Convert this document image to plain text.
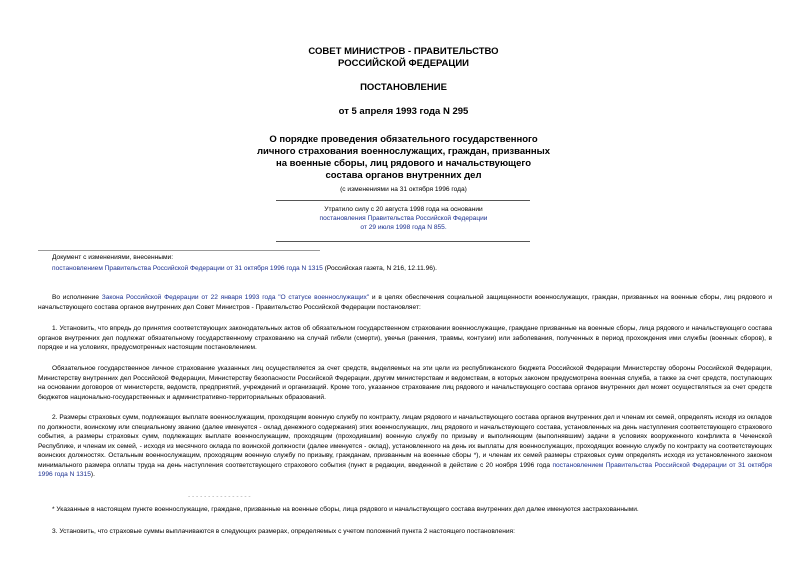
СОВЕТ МИНИСТРОВ - ПРАВИТЕЛЬСТВО
РОССИЙСКОЙ ФЕДЕРАЦИИ
ПОСТАНОВЛЕНИЕ
от 5 апреля 1993 года N 295
О порядке проведения обязательного государственного
личного страхования военнослужащих, граждан, призванных
на военные сборы, лиц рядового и начальствующего
состава органов внутренних дел
(с изменениями на 31 октября 1996 года)
Утратило силу с 20 августа 1998 года на основании
постановления Правительства Российской Федерации
от 29 июля 1998 года N 855.
Документ с изменениями, внесенными:
постановлением Правительства Российской Федерации от 31 октября 1996 года N 1315 (Российская газета, N 216, 12.11.96).
Во исполнение Закона Российской Федерации от 22 января 1993 года "О статусе военнослужащих" и в целях обеспечения социальной защищенности военнослужащих, граждан, призванных на военные сборы, лиц рядового и начальствующего состава органов внутренних дел Совет Министров - Правительство Российской Федерации постановляет:
1. Установить, что впредь до принятия соответствующих законодательных актов об обязательном государственном страховании военнослужащие, граждане призванные на военные сборы, лица рядового и начальствующего состава органов внутренних дел подлежат обязательному государственному страхованию на случай гибели (смерти), увечья (ранения, травмы, контузии) или заболевания, полученных в период прохождения ими службы (военных сборов), в порядке и на условиях, предусмотренных настоящим постановлением.
Обязательное государственное личное страхование указанных лиц осуществляется за счет средств, выделяемых на эти цели из республиканского бюджета Российской Федерации Министерству обороны Российской Федерации, Министерству внутренних дел Российской Федерации, Министерству безопасности Российской Федерации, другим министерствам и ведомствам, в которых законом предусмотрена военная служба, а также за счет средств, поступающих на основании договоров от министерств, ведомств, предприятий, учреждений и организаций. Кроме того, указанное страхование лиц рядового и начальствующего состава органов внутренних дел может осуществляться за счет средств бюджетов национально-государственных и административно-территориальных образований.
2. Размеры страховых сумм, подлежащих выплате военнослужащим, проходящим военную службу по контракту, лицам рядового и начальствующего состава органов внутренних дел и членам их семей, определять исходя из окладов по должности, воинскому или специальному званию (далее именуется - оклад денежного содержания) этих военнослужащих, лиц рядового и начальствующего состава, установленных на день наступления соответствующего страхового события, а размеры страховых сумм, подлежащих выплате военнослужащим, проходящим (проходившим) военную службу по призыву и выполняющим (выполнявшим) задачи в условиях вооруженного конфликта в Чеченской Республике, и членам их семей, - исходя из месячного оклада по воинской должности (далее именуется - оклад), установленного на день их выплаты для военнослужащих, проходящих военную службу по контракту на соответствующих воинских должностях. Остальным военнослужащим, проходящим военную службу по призыву, гражданам, призванным на военные сборы *), и членам их семей размеры страховых сумм определять исходя из установленного законом минимального размера оплаты труда на день наступления соответствующего страхового события (пункт в редакции, введенной в действие с 20 ноября 1996 года постановлением Правительства Российской Федерации от 31 октября 1996 года N 1315).
- - - - - - - - - - - - - - - -
* Указанные в настоящем пункте военнослужащие, граждане, призванные на военные сборы, лица рядового и начальствующего состава внутренних дел далее именуются застрахованными.
3. Установить, что страховые суммы выплачиваются в следующих размерах, определяемых с учетом положений пункта 2 настоящего постановления:
